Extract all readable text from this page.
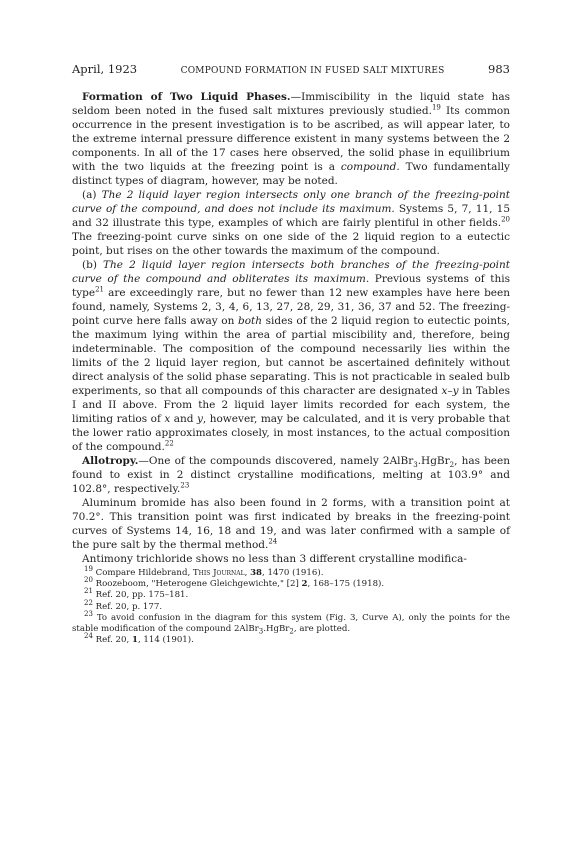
April, 1923	COMPOUND FORMATION IN FUSED SALT MIXTURES	983

Formation of Two Liquid Phases.—Immiscibility in the liquid state has seldom been noted in the fused salt mixtures previously studied.$^{19}$ Its common occurrence in the present investigation is to be ascribed, as will appear later, to the extreme internal pressure difference existent in many systems between the 2 components. In all of the 17 cases here observed, the solid phase in equilibrium with the two liquids at the freezing point is a compound. Two fundamentally distinct types of diagram, however, may be noted.

(a) The 2 liquid layer region intersects only one branch of the freezing-point curve of the compound, and does not include its maximum. Systems 5, 7, 11, 15 and 32 illustrate this type, examples of which are fairly plentiful in other fields.$^{20}$ The freezing-point curve sinks on one side of the 2 liquid region to a eutectic point, but rises on the other towards the maximum of the compound.

(b) The 2 liquid layer region intersects both branches of the freezing-point curve of the compound and obliterates its maximum. Previous systems of this type$^{21}$ are exceedingly rare, but no fewer than 12 new examples have here been found, namely, Systems 2, 3, 4, 6, 13, 27, 28, 29, 31, 36, 37 and 52. The freezing-point curve here falls away on both sides of the 2 liquid region to eutectic points, the maximum lying within the area of partial miscibility and, therefore, being indeterminable. The composition of the compound necessarily lies within the limits of the 2 liquid layer region, but cannot be ascertained definitely without direct analysis of the solid phase separating. This is not practicable in sealed bulb experiments, so that all compounds of this character are designated x–y in Tables I and II above. From the 2 liquid layer limits recorded for each system, the limiting ratios of x and y, however, may be calculated, and it is very probable that the lower ratio approximates closely, in most instances, to the actual composition of the compound.$^{22}$

Allotropy.—One of the compounds discovered, namely 2AlBr$_3$.HgBr$_2$, has been found to exist in 2 distinct crystalline modifications, melting at 103.9° and 102.8°, respectively.$^{23}$

Aluminum bromide has also been found in 2 forms, with a transition point at 70.2°. This transition point was first indicated by breaks in the freezing-point curves of Systems 14, 16, 18 and 19, and was later confirmed with a sample of the pure salt by the thermal method.$^{24}$

Antimony trichloride shows no less than 3 different crystalline modifica-

$^{19}$ Compare Hildebrand, This Journal, 38, 1470 (1916).

$^{20}$ Roozeboom, "Heterogene Gleichgewichte," [2] 2, 168–175 (1918).

$^{21}$ Ref. 20, pp. 175–181.

$^{22}$ Ref. 20, p. 177.

$^{23}$ To avoid confusion in the diagram for this system (Fig. 3, Curve A), only the points for the stable modification of the compound 2AlBr$_3$.HgBr$_2$, are plotted.

$^{24}$ Ref. 20, 1, 114 (1901).
